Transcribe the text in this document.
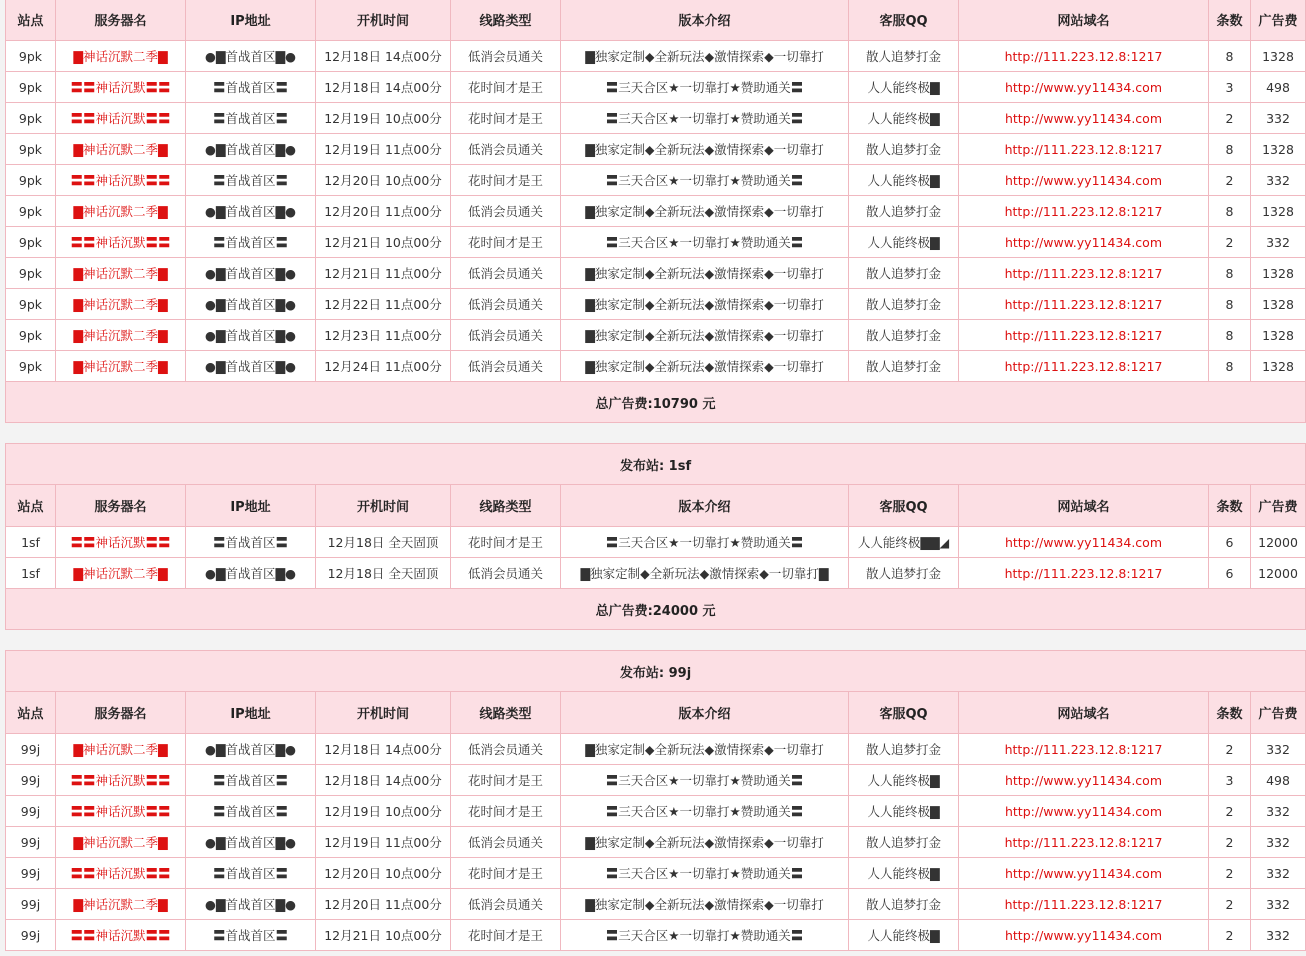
站点	服务器名	IP地址	开机时间	线路类型	版本介绍	客服QQ	网站域名	条数	广告费
9pk	▇神话沉默二季▇	●▇首战首区▇●	12月18日 14点00分	低消会员通关	▇独家定制◆全新玩法◆激情探索◆一切靠打	散人追梦打金	http://111.223.12.8:1217	8	1328
9pk	〓〓神话沉默〓〓	〓首战首区〓	12月18日 14点00分	花时间才是王	〓三天合区★一切靠打★赞助通关〓	人人能终极▇	http://www.yy11434.com	3	498
9pk	〓〓神话沉默〓〓	〓首战首区〓	12月19日 10点00分	花时间才是王	〓三天合区★一切靠打★赞助通关〓	人人能终极▇	http://www.yy11434.com	2	332
9pk	▇神话沉默二季▇	●▇首战首区▇●	12月19日 11点00分	低消会员通关	▇独家定制◆全新玩法◆激情探索◆一切靠打	散人追梦打金	http://111.223.12.8:1217	8	1328
9pk	〓〓神话沉默〓〓	〓首战首区〓	12月20日 10点00分	花时间才是王	〓三天合区★一切靠打★赞助通关〓	人人能终极▇	http://www.yy11434.com	2	332
9pk	▇神话沉默二季▇	●▇首战首区▇●	12月20日 11点00分	低消会员通关	▇独家定制◆全新玩法◆激情探索◆一切靠打	散人追梦打金	http://111.223.12.8:1217	8	1328
9pk	〓〓神话沉默〓〓	〓首战首区〓	12月21日 10点00分	花时间才是王	〓三天合区★一切靠打★赞助通关〓	人人能终极▇	http://www.yy11434.com	2	332
9pk	▇神话沉默二季▇	●▇首战首区▇●	12月21日 11点00分	低消会员通关	▇独家定制◆全新玩法◆激情探索◆一切靠打	散人追梦打金	http://111.223.12.8:1217	8	1328
9pk	▇神话沉默二季▇	●▇首战首区▇●	12月22日 11点00分	低消会员通关	▇独家定制◆全新玩法◆激情探索◆一切靠打	散人追梦打金	http://111.223.12.8:1217	8	1328
9pk	▇神话沉默二季▇	●▇首战首区▇●	12月23日 11点00分	低消会员通关	▇独家定制◆全新玩法◆激情探索◆一切靠打	散人追梦打金	http://111.223.12.8:1217	8	1328
9pk	▇神话沉默二季▇	●▇首战首区▇●	12月24日 11点00分	低消会员通关	▇独家定制◆全新玩法◆激情探索◆一切靠打	散人追梦打金	http://111.223.12.8:1217	8	1328
总广告费:10790 元									
发布站: 1sf									
站点	服务器名	IP地址	开机时间	线路类型	版本介绍	客服QQ	网站域名	条数	广告费
1sf	〓〓神话沉默〓〓	〓首战首区〓	12月18日 全天固顶	花时间才是王	〓三天合区★一切靠打★赞助通关〓	人人能终极▇▇◢	http://www.yy11434.com	6	12000
1sf	▇神话沉默二季▇	●▇首战首区▇●	12月18日 全天固顶	低消会员通关	▇独家定制◆全新玩法◆激情探索◆一切靠打▇	散人追梦打金	http://111.223.12.8:1217	6	12000
总广告费:24000 元									
发布站: 99j									
站点	服务器名	IP地址	开机时间	线路类型	版本介绍	客服QQ	网站域名	条数	广告费
99j	▇神话沉默二季▇	●▇首战首区▇●	12月18日 14点00分	低消会员通关	▇独家定制◆全新玩法◆激情探索◆一切靠打	散人追梦打金	http://111.223.12.8:1217	2	332
99j	〓〓神话沉默〓〓	〓首战首区〓	12月18日 14点00分	花时间才是王	〓三天合区★一切靠打★赞助通关〓	人人能终极▇	http://www.yy11434.com	3	498
99j	〓〓神话沉默〓〓	〓首战首区〓	12月19日 10点00分	花时间才是王	〓三天合区★一切靠打★赞助通关〓	人人能终极▇	http://www.yy11434.com	2	332
99j	▇神话沉默二季▇	●▇首战首区▇●	12月19日 11点00分	低消会员通关	▇独家定制◆全新玩法◆激情探索◆一切靠打	散人追梦打金	http://111.223.12.8:1217	2	332
99j	〓〓神话沉默〓〓	〓首战首区〓	12月20日 10点00分	花时间才是王	〓三天合区★一切靠打★赞助通关〓	人人能终极▇	http://www.yy11434.com	2	332
99j	▇神话沉默二季▇	●▇首战首区▇●	12月20日 11点00分	低消会员通关	▇独家定制◆全新玩法◆激情探索◆一切靠打	散人追梦打金	http://111.223.12.8:1217	2	332
99j	〓〓神话沉默〓〓	〓首战首区〓	12月21日 10点00分	花时间才是王	〓三天合区★一切靠打★赞助通关〓	人人能终极▇	http://www.yy11434.com	2	332
